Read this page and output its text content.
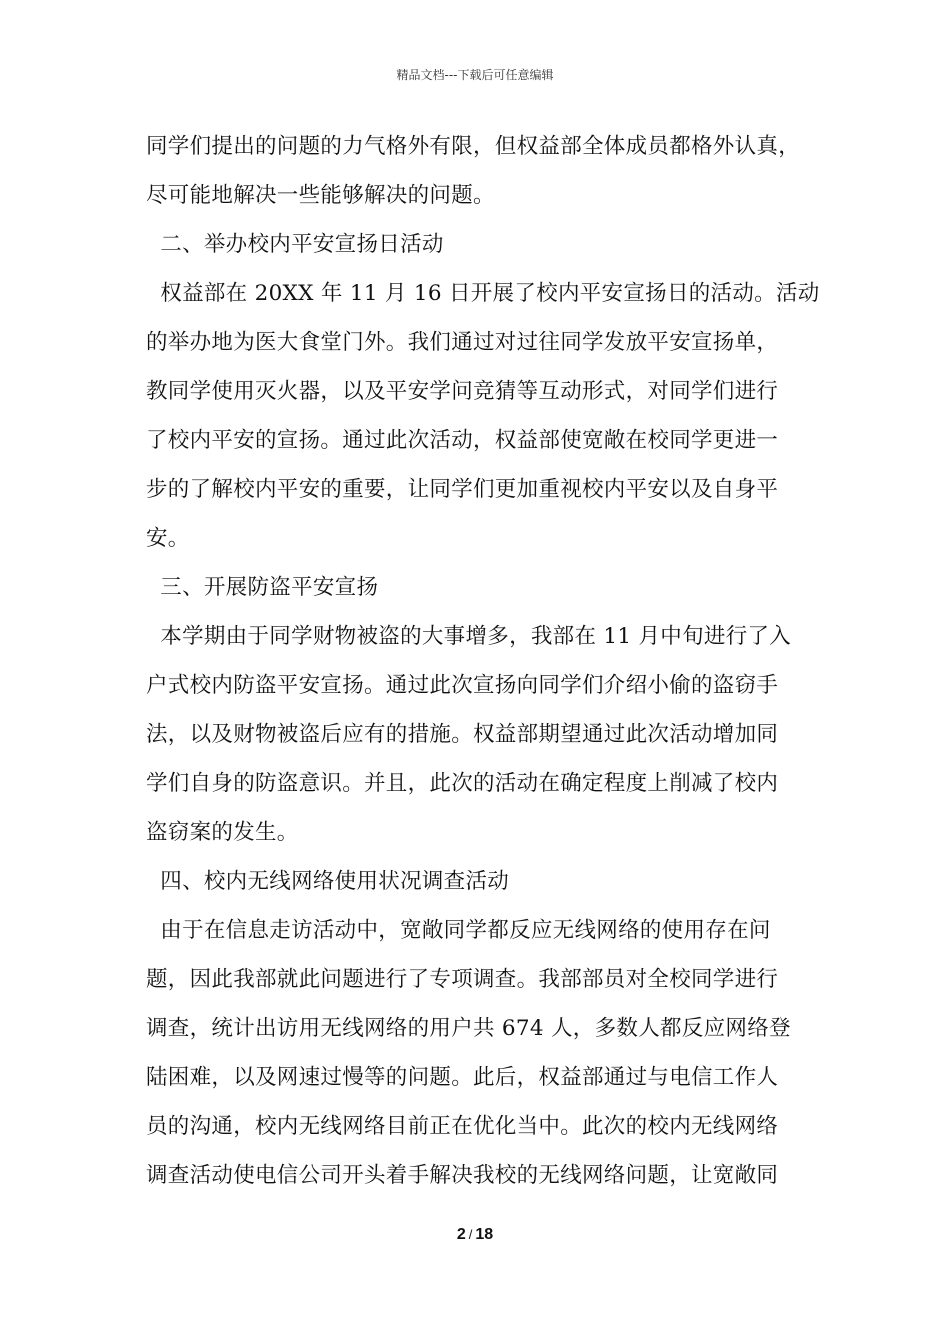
精品文档---下载后可任意编辑
同学们提出的问题的力气格外有限，但权益部全体成员都格外认真，
尽可能地解决一些能够解决的问题。
二、举办校内平安宣扬日活动
权益部在 20XX 年 11 月 16 日开展了校内平安宣扬日的活动。活动
的举办地为医大食堂门外。我们通过对过往同学发放平安宣扬单，
教同学使用灭火器，以及平安学问竞猜等互动形式，对同学们进行
了校内平安的宣扬。通过此次活动，权益部使宽敞在校同学更进一
步的了解校内平安的重要，让同学们更加重视校内平安以及自身平
安。
三、开展防盗平安宣扬
本学期由于同学财物被盗的大事增多，我部在 11 月中旬进行了入
户式校内防盗平安宣扬。通过此次宣扬向同学们介绍小偷的盗窃手
法，以及财物被盗后应有的措施。权益部期望通过此次活动增加同
学们自身的防盗意识。并且，此次的活动在确定程度上削减了校内
盗窃案的发生。
四、校内无线网络使用状况调查活动
由于在信息走访活动中，宽敞同学都反应无线网络的使用存在问
题，因此我部就此问题进行了专项调查。我部部员对全校同学进行
调查，统计出访用无线网络的用户共 674 人，多数人都反应网络登
陆困难，以及网速过慢等的问题。此后，权益部通过与电信工作人
员的沟通，校内无线网络目前正在优化当中。此次的校内无线网络
调查活动使电信公司开头着手解决我校的无线网络问题，让宽敞同
2 / 18
